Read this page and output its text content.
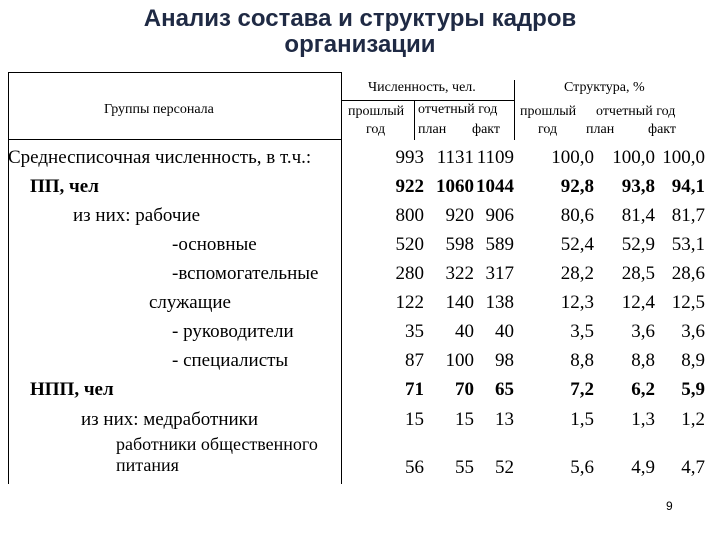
Анализ состава и структуры кадров
организации
Группы персонала
Численность, чел.	Структура, %
прошлый
год
отчетный год
план факт
прошлый
год
отчетный год
план факт
Среднесписочная численность, в т.ч.:	993 1131 1109 100,0 100,0 100,0
ПП, чел	922 1060 1044 92,8 93,8 94,1
из них: рабочие	800 920 906 80,6 81,4 81,7
-основные	520 598 589 52,4 52,9 53,1
-вспомогательные	280 322 317 28,2 28,5 28,6
служащие	122 140 138 12,3 12,4 12,5
- руководители	35 40 40	3,5 3,6 3,6
- специалисты	87 100 98	8,8 8,8 8,9
НПП, чел	71 70 65	7,2 6,2 5,9
из них: медработники	15 15 13	1,5 1,3 1,2
работники общественного
питания	56 55 52	5,6 4,9 4,7
9
